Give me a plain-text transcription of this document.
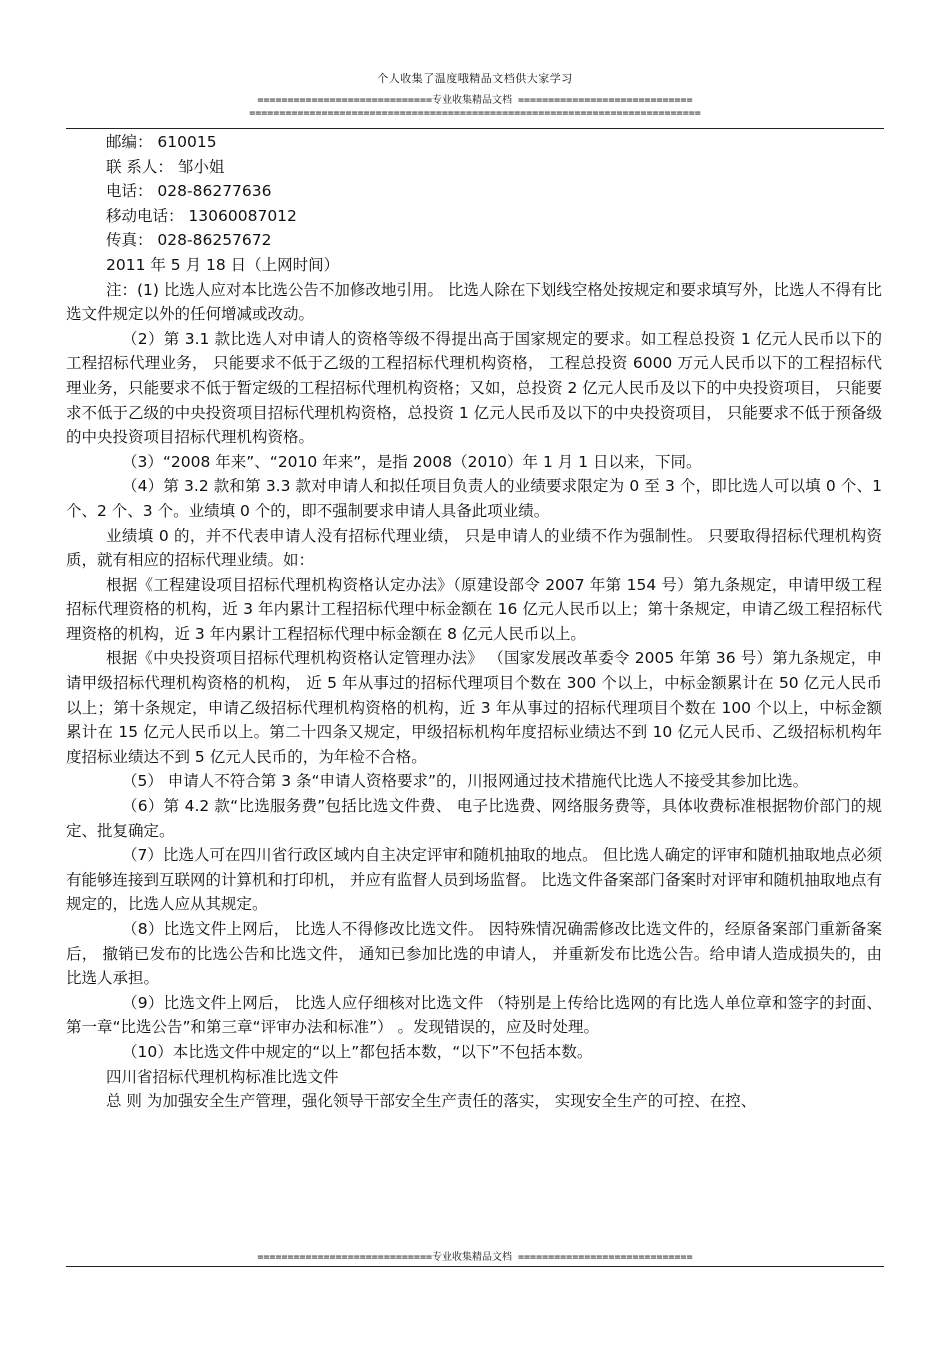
个人收集了温度哦精品文档供大家学习
=============================专业收集精品文档 =============================
===========================================================================

邮编： 610015

联 系人： 邹小姐

电话： 028-86277636

移动电话： 13060087012

传真： 028-86257672

2011 年 5 月 18 日（上网时间）

注：(1) 比选人应对本比选公告不加修改地引用。 比选人除在下划线空格处按规定和要求填写外，比选人不得有比选文件规定以外的任何增减或改动。

（2）第 3.1 款比选人对申请人的资格等级不得提出高于国家规定的要求。如工程总投资 1 亿元人民币以下的工程招标代理业务， 只能要求不低于乙级的工程招标代理机构资格， 工程总投资 6000 万元人民币以下的工程招标代理业务，只能要求不低于暂定级的工程招标代理机构资格；又如，总投资 2 亿元人民币及以下的中央投资项目， 只能要求不低于乙级的中央投资项目招标代理机构资格，总投资 1 亿元人民币及以下的中央投资项目， 只能要求不低于预备级的中央投资项目招标代理机构资格。

（3）“2008 年来”、“2010 年来”，是指 2008（2010）年 1 月 1 日以来，下同。

（4）第 3.2 款和第 3.3 款对申请人和拟任项目负责人的业绩要求限定为 0 至 3 个，即比选人可以填 0 个、1 个、2 个、3 个。业绩填 0 个的，即不强制要求申请人具备此项业绩。

业绩填 0 的，并不代表申请人没有招标代理业绩， 只是申请人的业绩不作为强制性。 只要取得招标代理机构资质，就有相应的招标代理业绩。如：

根据《工程建设项目招标代理机构资格认定办法》（原建设部令 2007 年第 154 号）第九条规定，申请甲级工程招标代理资格的机构，近 3 年内累计工程招标代理中标金额在 16 亿元人民币以上；第十条规定，申请乙级工程招标代理资格的机构，近 3 年内累计工程招标代理中标金额在 8 亿元人民币以上。

根据《中央投资项目招标代理机构资格认定管理办法》 （国家发展改革委令 2005 年第 36 号）第九条规定，申请甲级招标代理机构资格的机构， 近 5 年从事过的招标代理项目个数在 300 个以上，中标金额累计在 50 亿元人民币以上；第十条规定，申请乙级招标代理机构资格的机构，近 3 年从事过的招标代理项目个数在 100 个以上，中标金额累计在 15 亿元人民币以上。第二十四条又规定，甲级招标机构年度招标业绩达不到 10 亿元人民币、乙级招标机构年度招标业绩达不到 5 亿元人民币的，为年检不合格。

（5） 申请人不符合第 3 条“申请人资格要求”的，川报网通过技术措施代比选人不接受其参加比选。

（6）第 4.2 款“比选服务费”包括比选文件费、 电子比选费、网络服务费等，具体收费标准根据物价部门的规定、批复确定。

（7）比选人可在四川省行政区域内自主决定评审和随机抽取的地点。 但比选人确定的评审和随机抽取地点必须有能够连接到互联网的计算机和打印机， 并应有监督人员到场监督。 比选文件备案部门备案时对评审和随机抽取地点有规定的，比选人应从其规定。

（8）比选文件上网后， 比选人不得修改比选文件。 因特殊情况确需修改比选文件的，经原备案部门重新备案后， 撤销已发布的比选公告和比选文件， 通知已参加比选的申请人， 并重新发布比选公告。给申请人造成损失的，由比选人承担。

（9）比选文件上网后， 比选人应仔细核对比选文件 （特别是上传给比选网的有比选人单位章和签字的封面、第一章“比选公告”和第三章“评审办法和标准”） 。发现错误的，应及时处理。

（10）本比选文件中规定的“以上”都包括本数，“以下”不包括本数。

四川省招标代理机构标准比选文件

总 则 为加强安全生产管理，强化领导干部安全生产责任的落实， 实现安全生产的可控、在控、

=============================专业收集精品文档 =============================
